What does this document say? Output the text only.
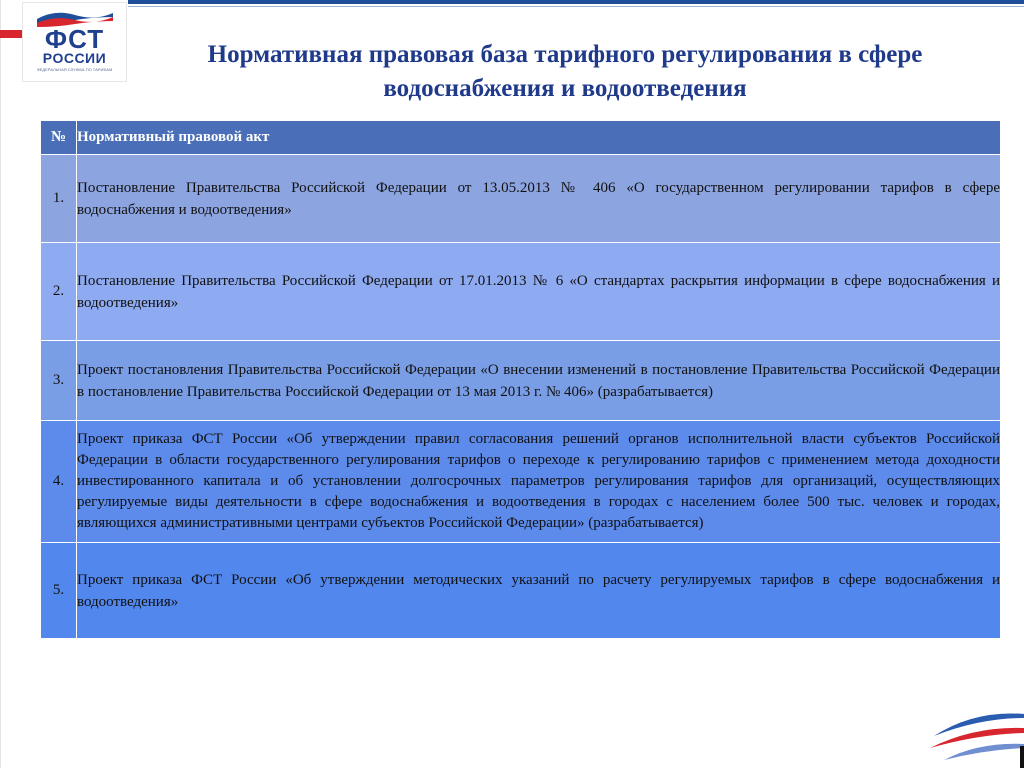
ФСТ
РОССИИ
ФЕДЕРАЛЬНАЯ СЛУЖБА ПО ТАРИФАМ
Нормативная правовая база тарифного регулирования в сфере
водоснабжения и водоотведения
№	Нормативный правовой акт
1.	Постановление Правительства Российской Федерации от 13.05.2013 № 406 «О государственном регулировании тарифов в сфере водоснабжения и водоотведения»
2.	Постановление Правительства Российской Федерации от 17.01.2013 № 6 «О стандартах раскрытия информации в сфере водоснабжения и водоотведения»
3.	Проект постановления Правительства Российской Федерации «О внесении изменений в постановление Правительства Российской Федерации в постановление Правительства Российской Федерации от 13 мая 2013 г. № 406» (разрабатывается)
4.	Проект приказа ФСТ России «Об утверждении правил согласования решений органов исполнительной власти субъектов Российской Федерации в области государственного регулирования тарифов о переходе к регулированию тарифов с применением метода доходности инвестированного капитала и об установлении долгосрочных параметров регулирования тарифов для организаций, осуществляющих регулируемые виды деятельности в сфере водоснабжения и водоотведения в городах с населением более 500 тыс. человек и городах, являющихся административными центрами субъектов Российской Федерации» (разрабатывается)
5.	Проект приказа ФСТ России «Об утверждении методических указаний по расчету регулируемых тарифов в сфере водоснабжения и водоотведения»
